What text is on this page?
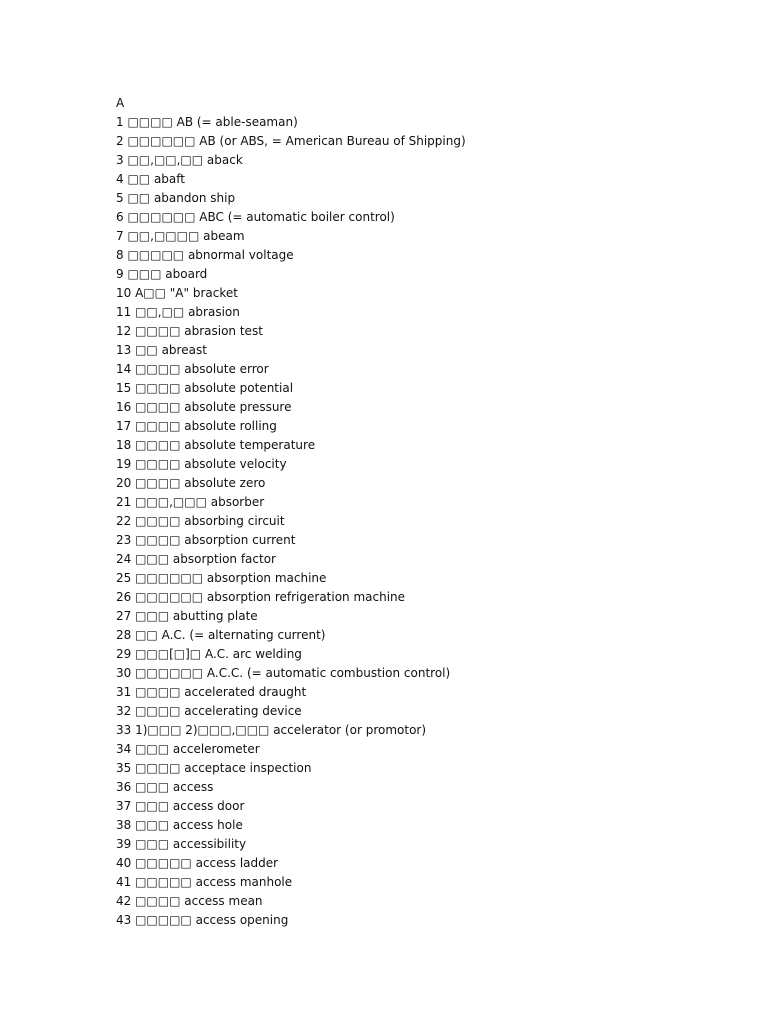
A
1 □□□□ AB (= able-seaman)
2 □□□□□□ AB (or ABS, = American Bureau of Shipping)
3 □□,□□,□□ aback
4 □□ abaft
5 □□ abandon ship
6 □□□□□□ ABC (= automatic boiler control)
7 □□,□□□□ abeam
8 □□□□□ abnormal voltage
9 □□□ aboard
10 A□□ "A" bracket
11 □□,□□ abrasion
12 □□□□ abrasion test
13 □□ abreast
14 □□□□ absolute error
15 □□□□ absolute potential
16 □□□□ absolute pressure
17 □□□□ absolute rolling
18 □□□□ absolute temperature
19 □□□□ absolute velocity
20 □□□□ absolute zero
21 □□□,□□□ absorber
22 □□□□ absorbing circuit
23 □□□□ absorption current
24 □□□ absorption factor
25 □□□□□□ absorption machine
26 □□□□□□ absorption refrigeration machine
27 □□□ abutting plate
28 □□ A.C. (= alternating current)
29 □□□[□]□ A.C. arc welding
30 □□□□□□ A.C.C. (= automatic combustion control)
31 □□□□ accelerated draught
32 □□□□ accelerating device
33 1)□□□ 2)□□□,□□□ accelerator (or promotor)
34 □□□ accelerometer
35 □□□□ acceptace inspection
36 □□□ access
37 □□□ access door
38 □□□ access hole
39 □□□ accessibility
40 □□□□□ access ladder
41 □□□□□ access manhole
42 □□□□ access mean
43 □□□□□ access opening
